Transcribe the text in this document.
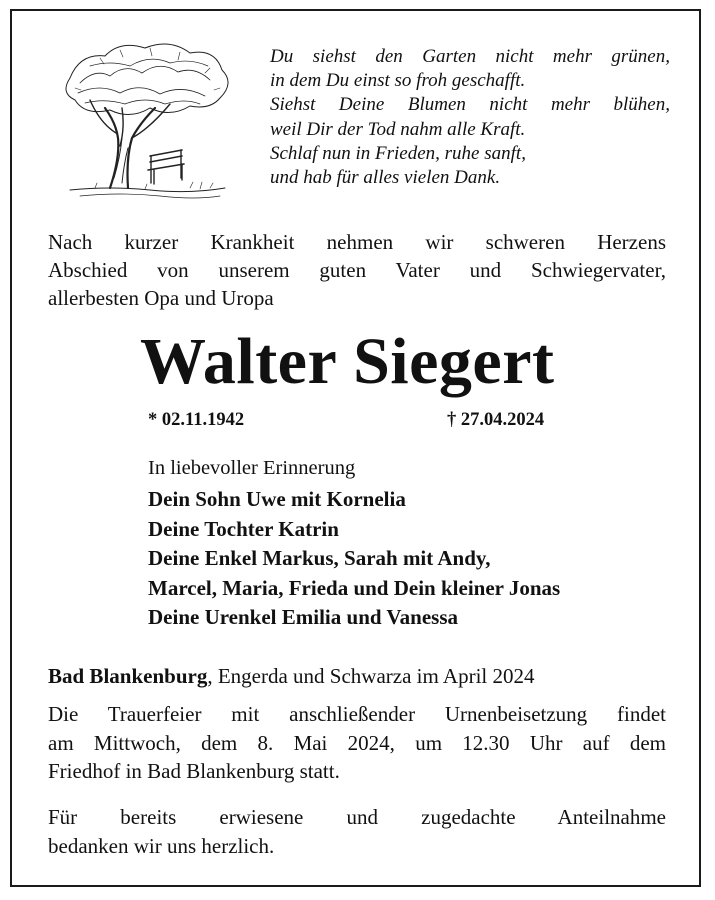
Du siehst den Garten nicht mehr grünen,
in dem Du einst so froh geschafft.
Siehst Deine Blumen nicht mehr blühen,
weil Dir der Tod nahm alle Kraft.
Schlaf nun in Frieden, ruhe sanft,
und hab für alles vielen Dank.
Nach kurzer Krankheit nehmen wir schweren Herzens
Abschied von unserem guten Vater und Schwiegervater,
allerbesten Opa und Uropa
Walter Siegert
* 02.11.1942	† 27.04.2024
In liebevoller Erinnerung
Dein Sohn Uwe mit Kornelia
Deine Tochter Katrin
Deine Enkel Markus, Sarah mit Andy,
Marcel, Maria, Frieda und Dein kleiner Jonas
Deine Urenkel Emilia und Vanessa
Bad Blankenburg, Engerda und Schwarza im April 2024
Die Trauerfeier mit anschließender Urnenbeisetzung findet
am Mittwoch, dem 8. Mai 2024, um 12.30 Uhr auf dem
Friedhof in Bad Blankenburg statt.
Für bereits erwiesene und zugedachte Anteilnahme
bedanken wir uns herzlich.
